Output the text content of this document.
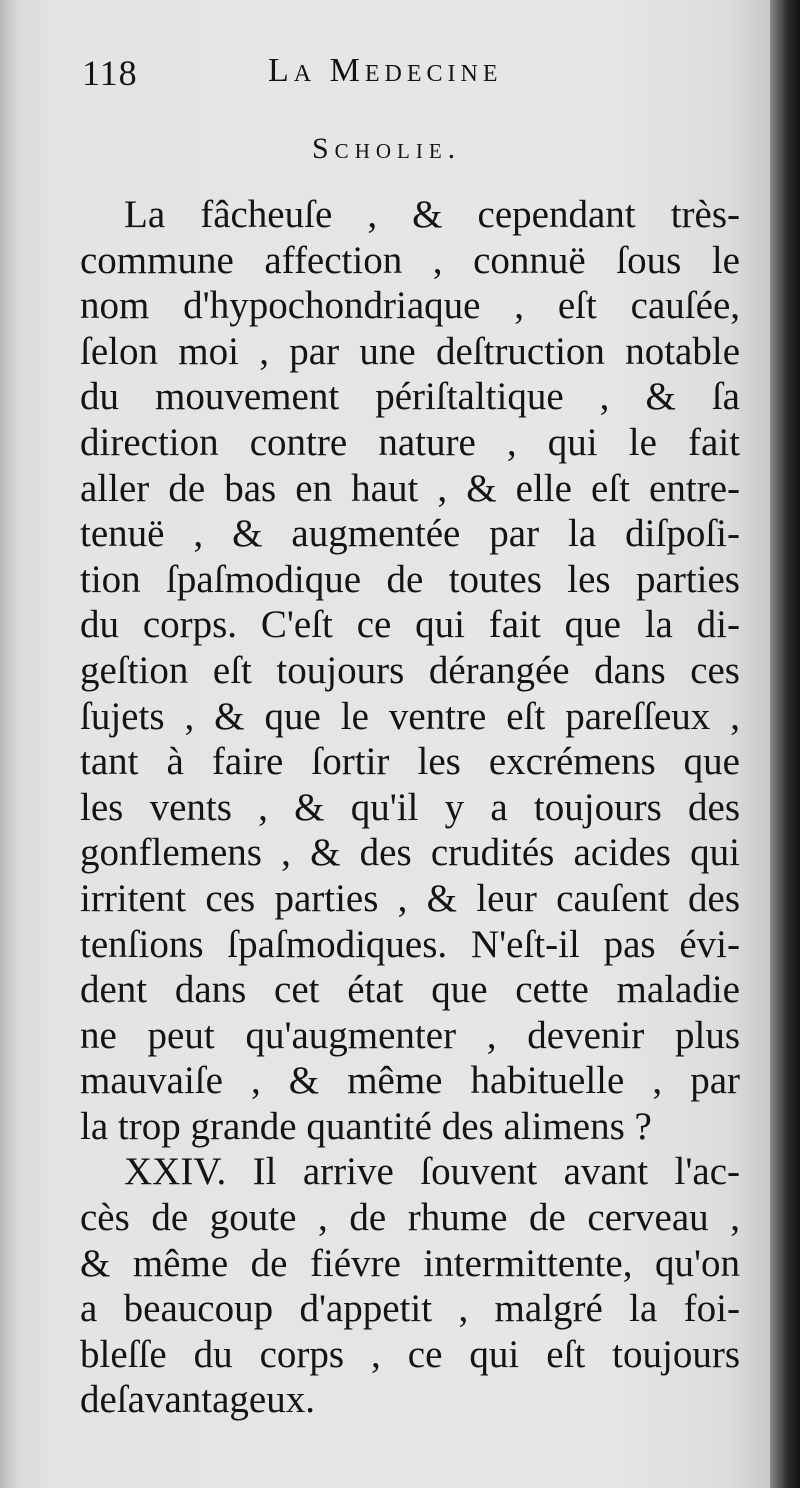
118	La Medecine
Scholie.
La fâcheuſe , & cependant très-
commune affection , connuë ſous le
nom d'hypochondriaque , eſt cauſée,
ſelon moi , par une deſtruction notable
du mouvement périſtaltique , & ſa
direction contre nature , qui le fait
aller de bas en haut , & elle eſt entre-
tenuë , & augmentée par la diſpoſi-
tion ſpaſmodique de toutes les parties
du corps. C'eſt ce qui fait que la di-
geſtion eſt toujours dérangée dans ces
ſujets , & que le ventre eſt pareſſeux ,
tant à faire ſortir les excrémens que
les vents , & qu'il y a toujours des
gonflemens , & des crudités acides qui
irritent ces parties , & leur cauſent des
tenſions ſpaſmodiques. N'eſt-il pas évi-
dent dans cet état que cette maladie
ne peut qu'augmenter , devenir plus
mauvaiſe , & même habituelle , par
la trop grande quantité des alimens ?
XXIV. Il arrive ſouvent avant l'ac-
cès de goute , de rhume de cerveau ,
& même de fiévre intermittente, qu'on
a beaucoup d'appetit , malgré la foi-
bleſſe du corps , ce qui eſt toujours
deſavantageux.
